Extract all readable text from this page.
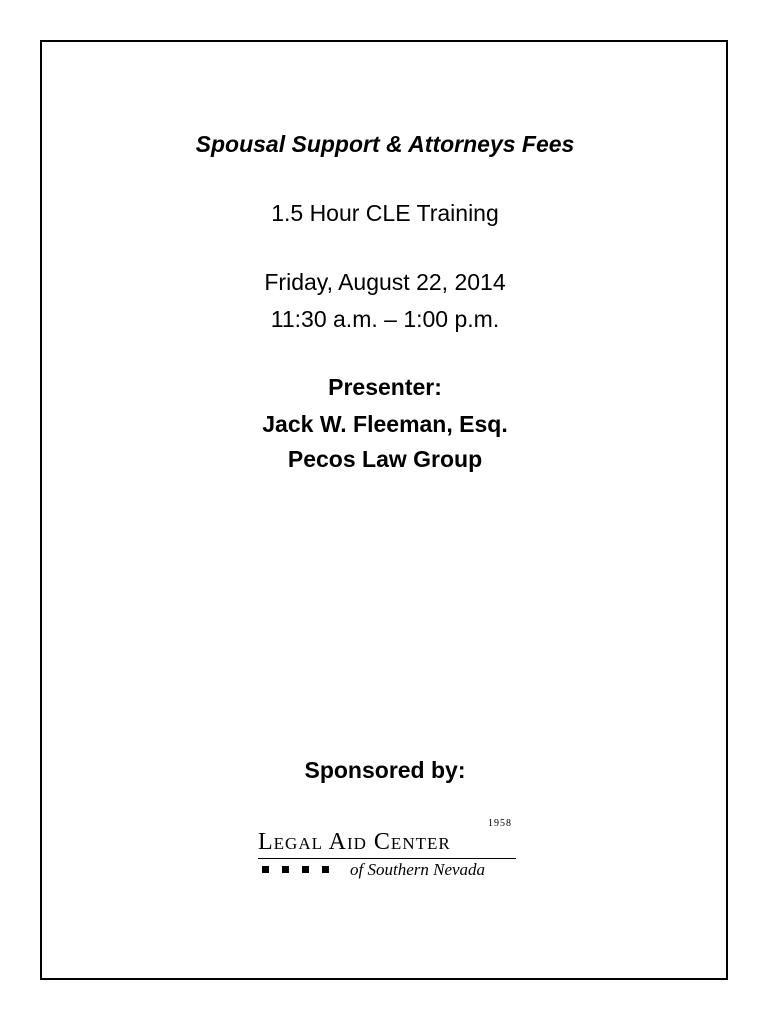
Spousal Support & Attorneys Fees
1.5 Hour CLE Training
Friday, August 22, 2014
11:30 a.m. – 1:00 p.m.
Presenter:
Jack W. Fleeman, Esq.
Pecos Law Group
Sponsored by:
1958
Legal Aid Center
of Southern Nevada
